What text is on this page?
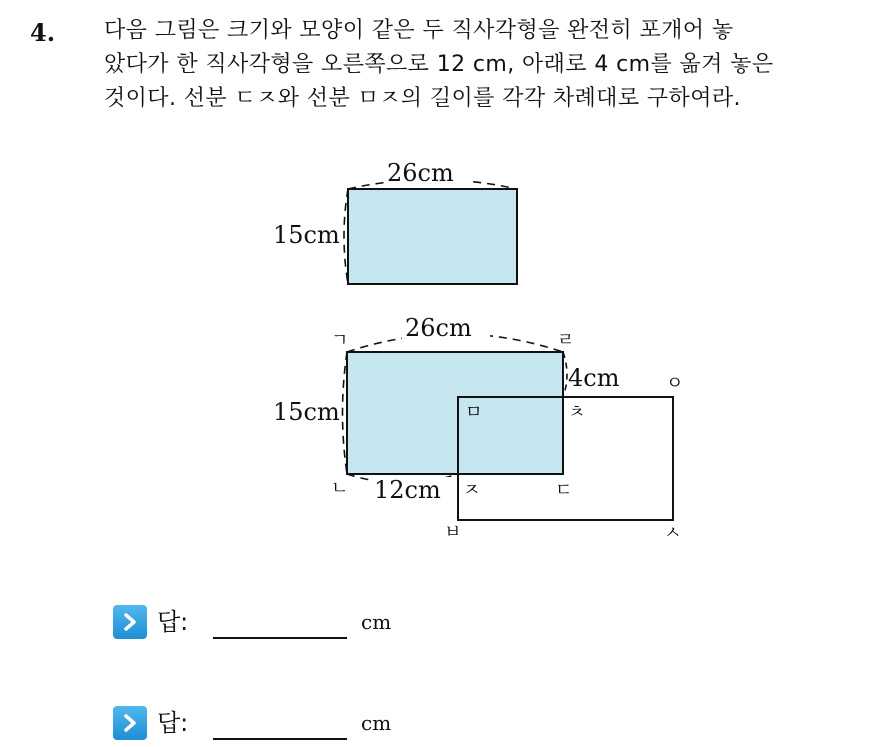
4. 다음 그림은 크기와 모양이 같은 두 직사각형을 완전히 포개어 놓
았다가 한 직사각형을 오른쪽으로 12 cm, 아래로 4 cm를 옮겨 놓은
것이다. 선분 ㄷㅈ와 선분 ㅁㅈ의 길이를 각각 차례대로 구하여라.
26cm
15cm
26cm
15cm
4cm
12cm
ㄱ
ㄴ	ㄷ
ㄹ
ㅁ
ㅂ	ㅅ
ㅇ
ㅈ
ㅊ
답:	cm
답:	cm
